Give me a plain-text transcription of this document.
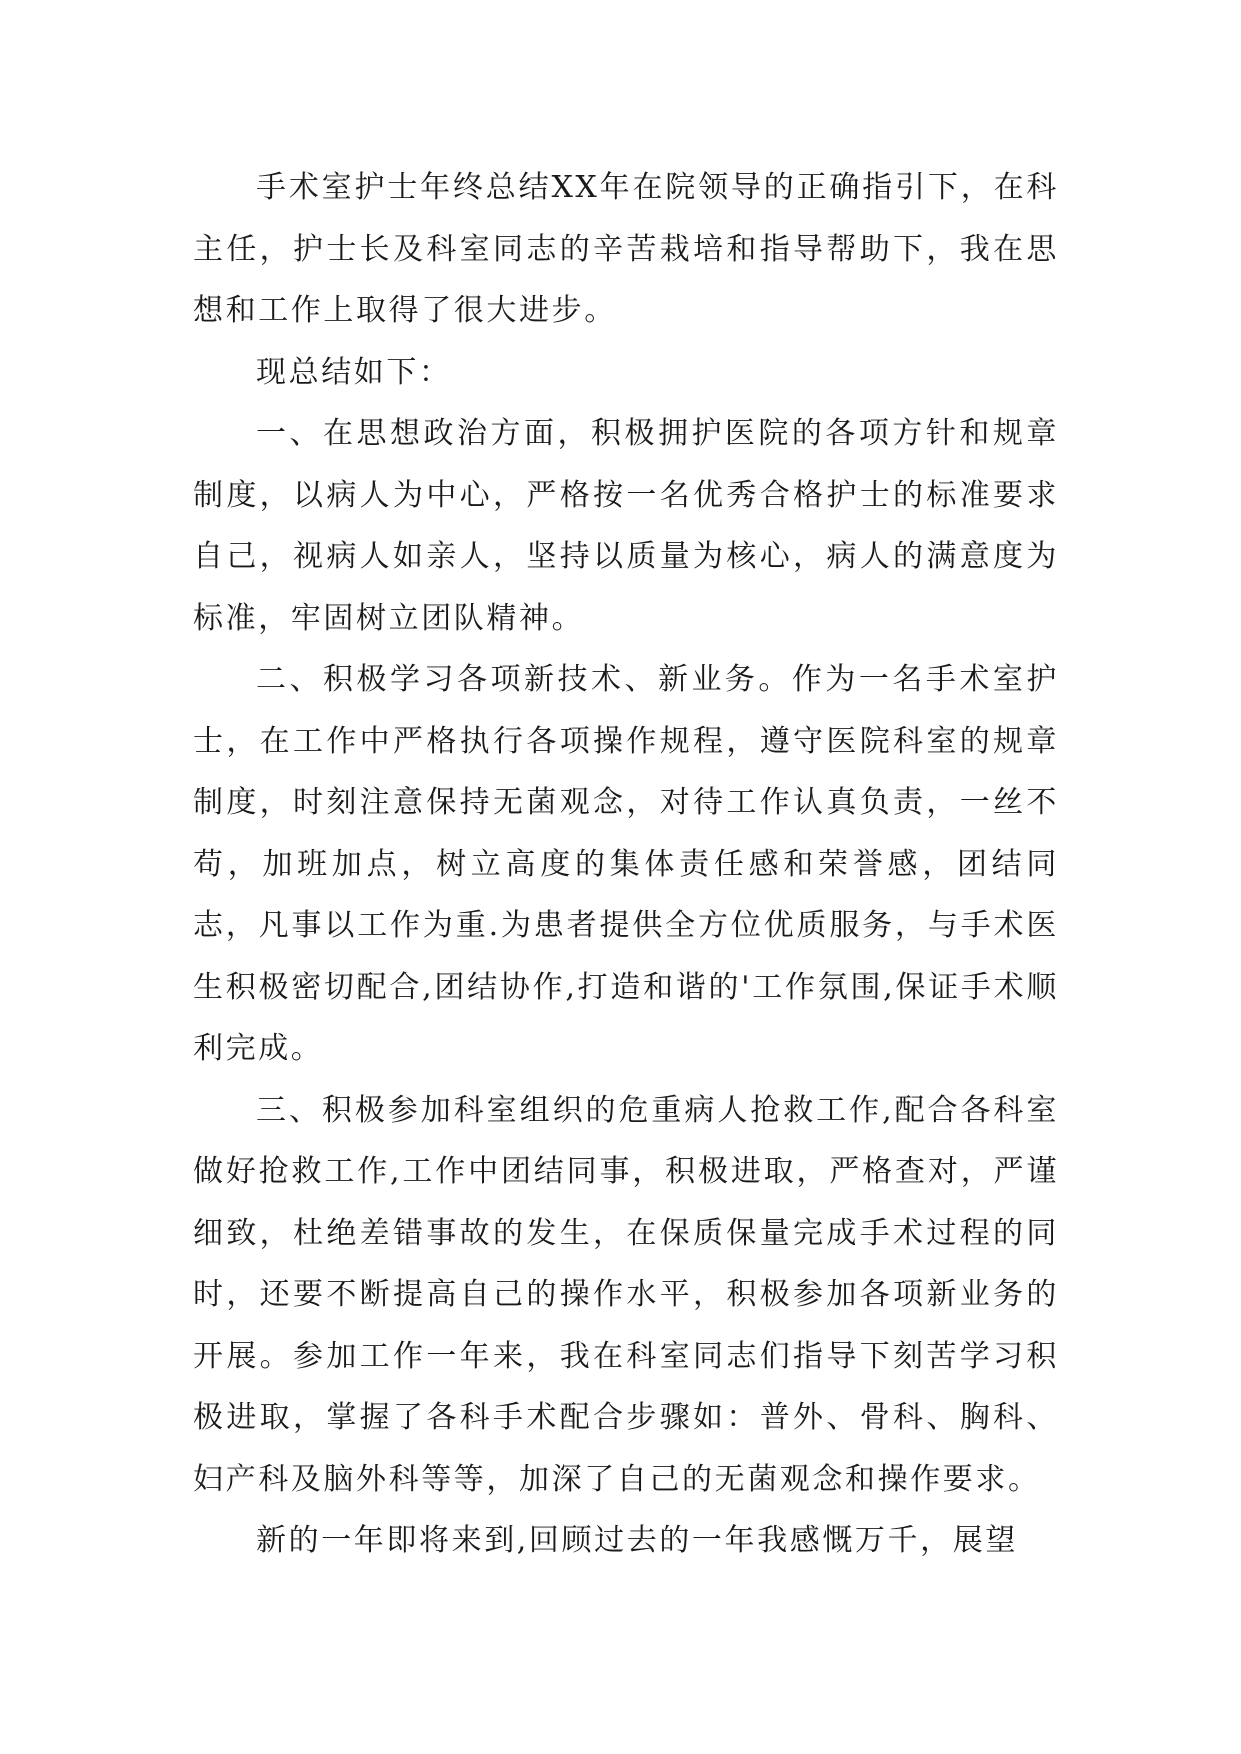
手术室护士年终总结XX年在院领导的正确指引下，在科主任，护士长及科室同志的辛苦栽培和指导帮助下，我在思想和工作上取得了很大进步。

现总结如下：

一、在思想政治方面，积极拥护医院的各项方针和规章制度，以病人为中心，严格按一名优秀合格护士的标准要求自己，视病人如亲人，坚持以质量为核心，病人的满意度为标准，牢固树立团队精神。

二、积极学习各项新技术、新业务。作为一名手术室护士，在工作中严格执行各项操作规程，遵守医院科室的规章制度，时刻注意保持无菌观念，对待工作认真负责，一丝不苟，加班加点，树立高度的集体责任感和荣誉感，团结同志，凡事以工作为重.为患者提供全方位优质服务，与手术医生积极密切配合,团结协作,打造和谐的'工作氛围,保证手术顺利完成。

三、积极参加科室组织的危重病人抢救工作,配合各科室做好抢救工作,工作中团结同事，积极进取，严格查对，严谨细致，杜绝差错事故的发生，在保质保量完成手术过程的同时，还要不断提高自己的操作水平，积极参加各项新业务的开展。参加工作一年来，我在科室同志们指导下刻苦学习积极进取，掌握了各科手术配合步骤如：普外、骨科、胸科、妇产科及脑外科等等，加深了自己的无菌观念和操作要求。

新的一年即将来到,回顾过去的一年我感慨万千，展望
